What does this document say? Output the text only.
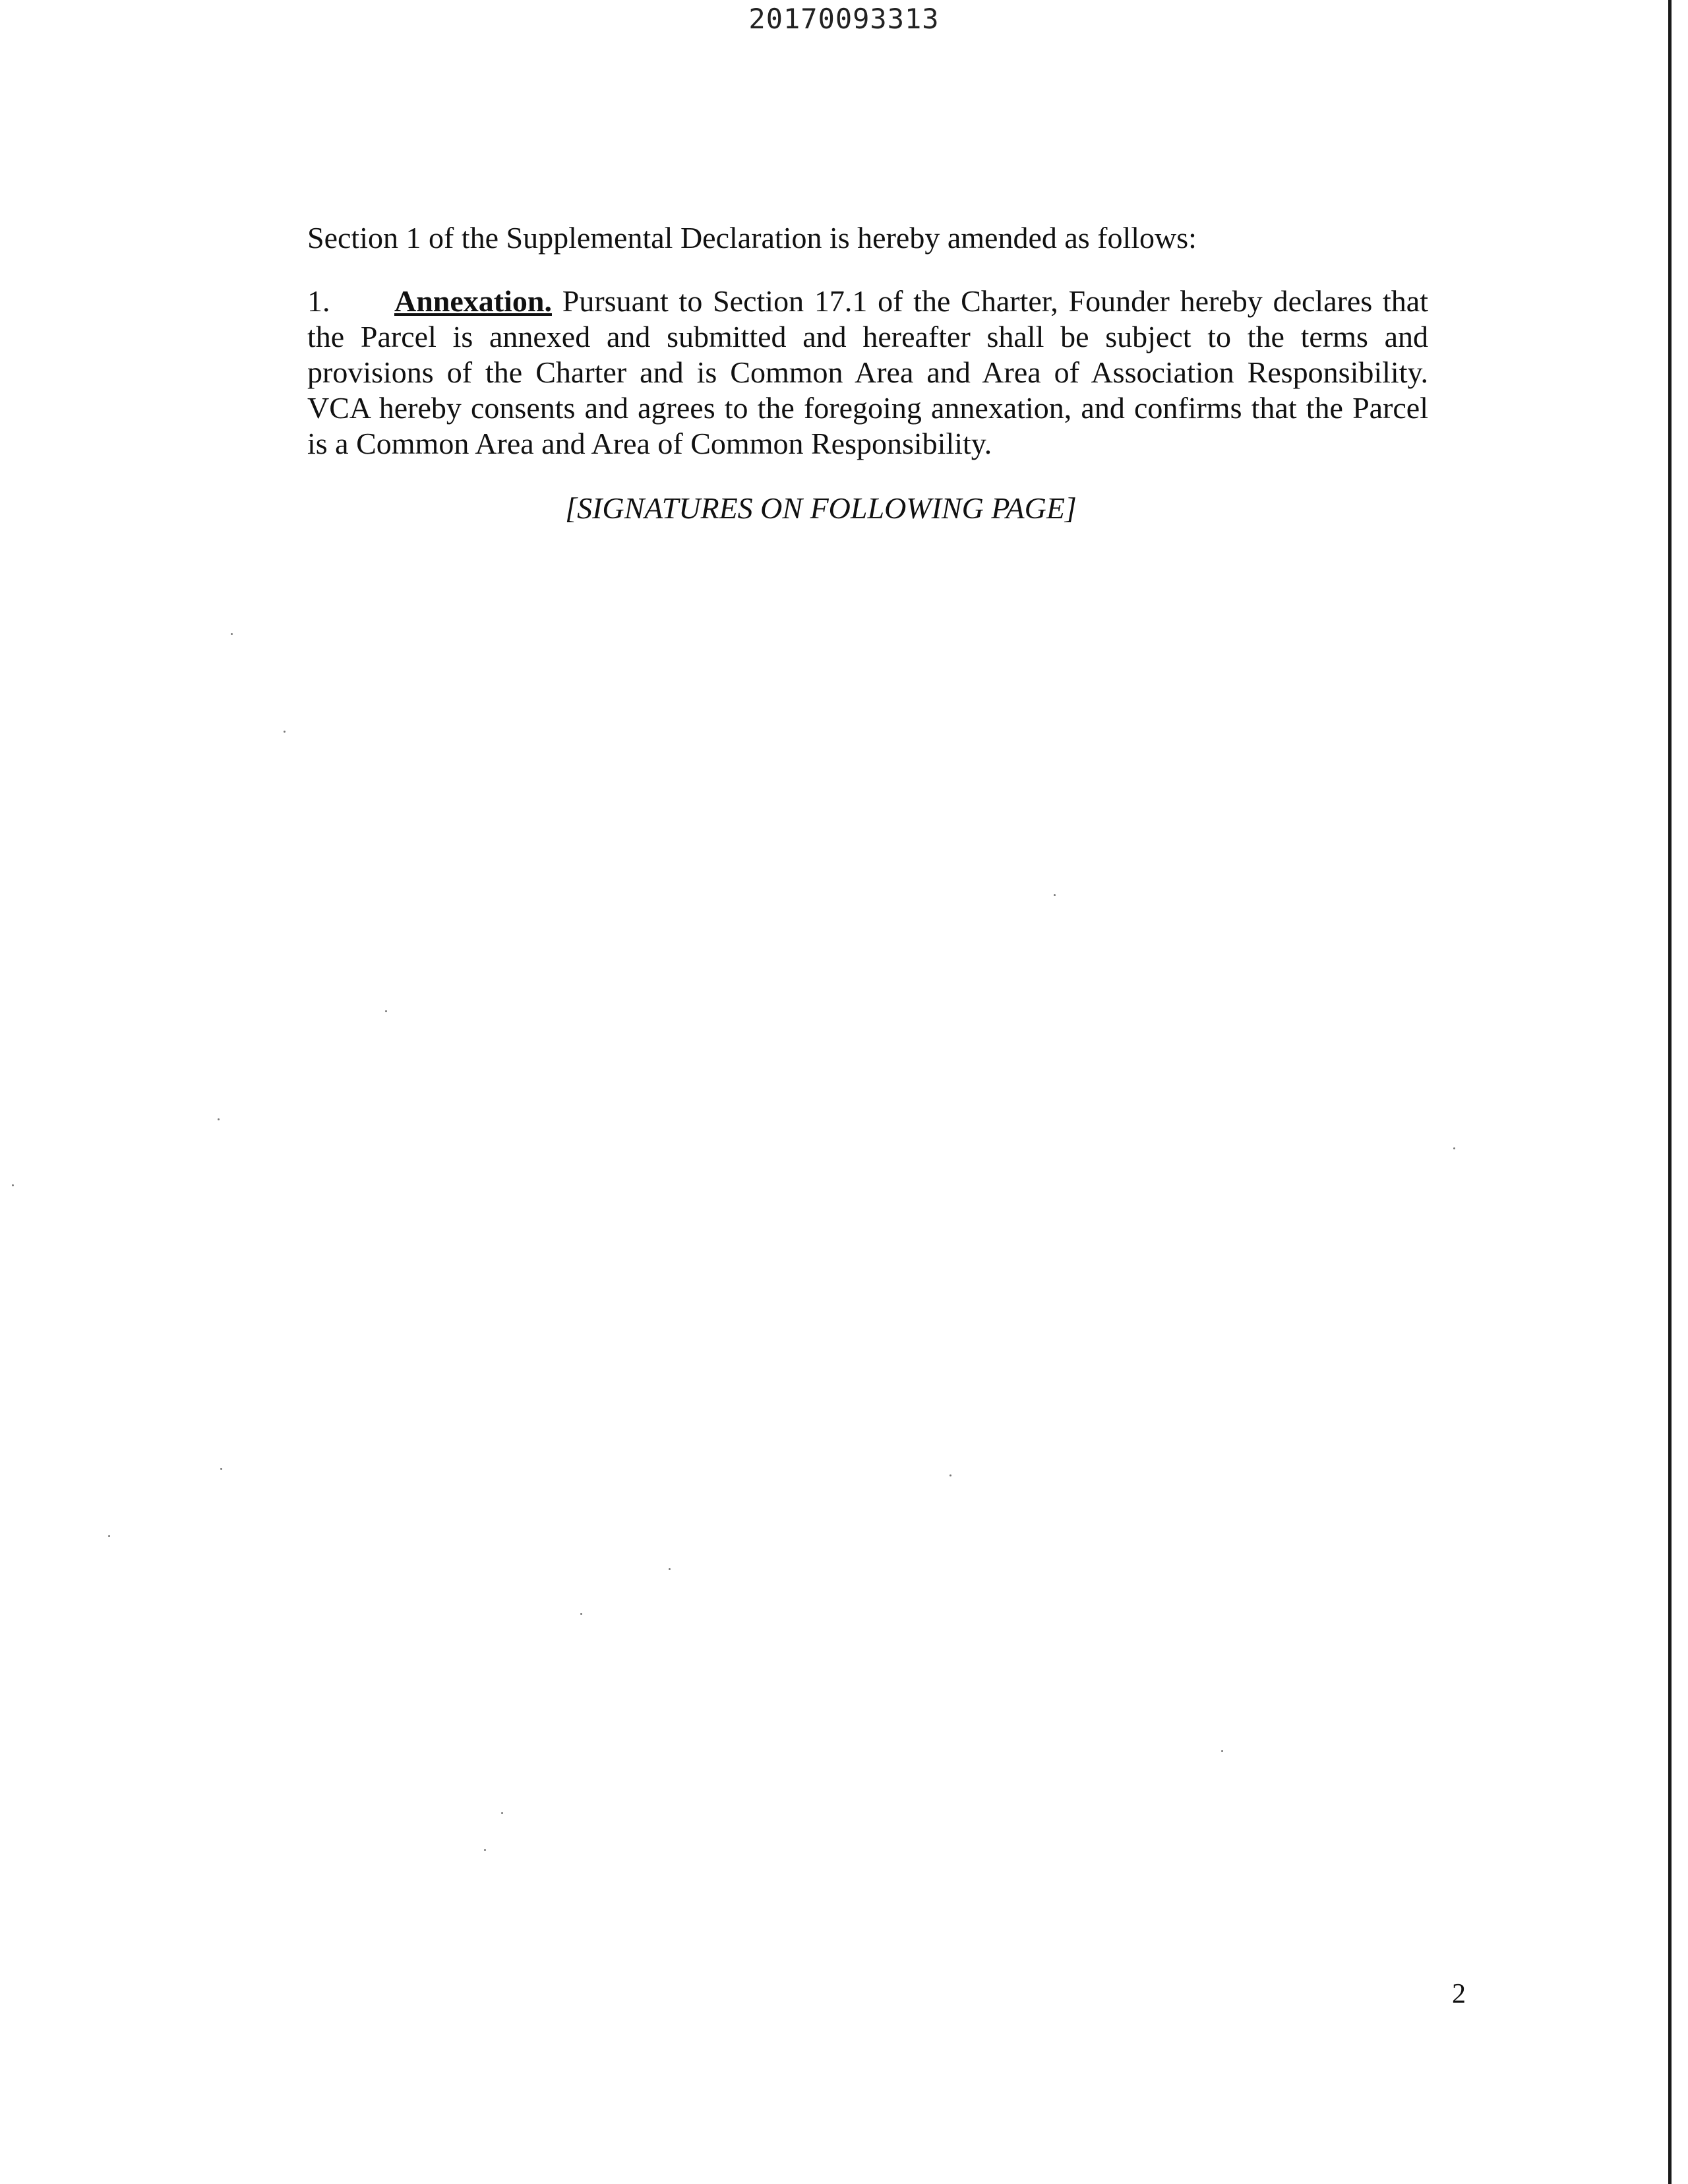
20170093313
Section 1 of the Supplemental Declaration is hereby amended as follows:
1. Annexation. Pursuant to Section 17.1 of the Charter, Founder hereby declares that the Parcel is annexed and submitted and hereafter shall be subject to the terms and provisions of the Charter and is Common Area and Area of Association Responsibility. VCA hereby consents and agrees to the foregoing annexation, and confirms that the Parcel is a Common Area and Area of Common Responsibility.
[SIGNATURES ON FOLLOWING PAGE]
2
